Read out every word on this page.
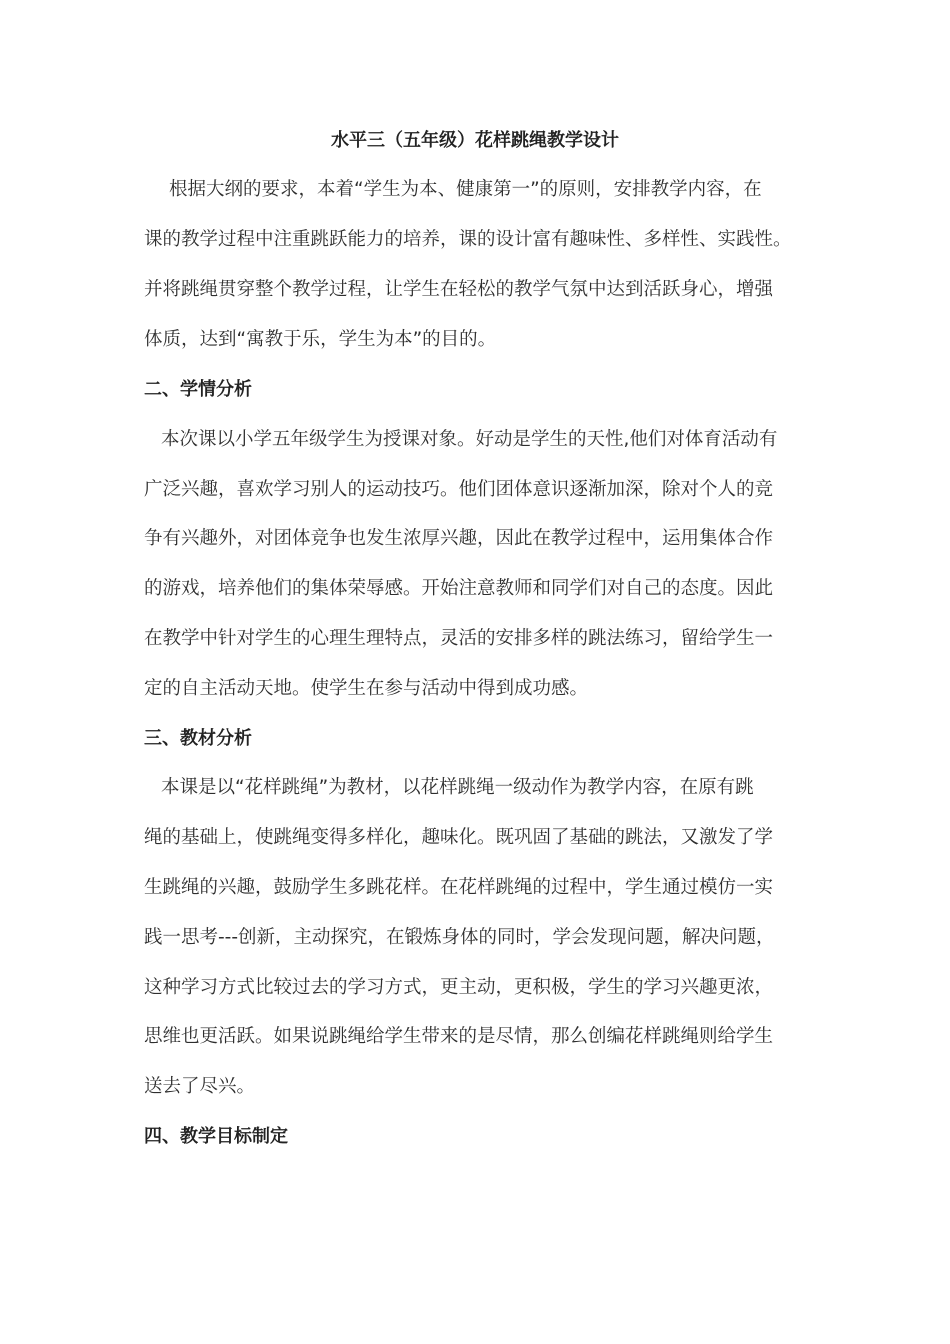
水平三（五年级）花样跳绳教学设计
根据大纲的要求，本着“学生为本、健康第一”的原则，安排教学内容，在
课的教学过程中注重跳跃能力的培养，课的设计富有趣味性、多样性、实践性。
并将跳绳贯穿整个教学过程，让学生在轻松的教学气氛中达到活跃身心，增强
体质，达到“寓教于乐，学生为本”的目的。
二、学情分析
本次课以小学五年级学生为授课对象。好动是学生的天性,他们对体育活动有
广泛兴趣，喜欢学习别人的运动技巧。他们团体意识逐渐加深，除对个人的竞
争有兴趣外，对团体竞争也发生浓厚兴趣，因此在教学过程中，运用集体合作
的游戏，培养他们的集体荣辱感。开始注意教师和同学们对自己的态度。因此
在教学中针对学生的心理生理特点，灵活的安排多样的跳法练习，留给学生一
定的自主活动天地。使学生在参与活动中得到成功感。
三、教材分析
本课是以“花样跳绳”为教材，以花样跳绳一级动作为教学内容，在原有跳
绳的基础上，使跳绳变得多样化，趣味化。既巩固了基础的跳法，又激发了学
生跳绳的兴趣，鼓励学生多跳花样。在花样跳绳的过程中，学生通过模仿一实
践一思考---创新，主动探究，在锻炼身体的同时，学会发现问题，解决问题，
这种学习方式比较过去的学习方式，更主动，更积极，学生的学习兴趣更浓，
思维也更活跃。如果说跳绳给学生带来的是尽情，那么创编花样跳绳则给学生
送去了尽兴。
四、教学目标制定
